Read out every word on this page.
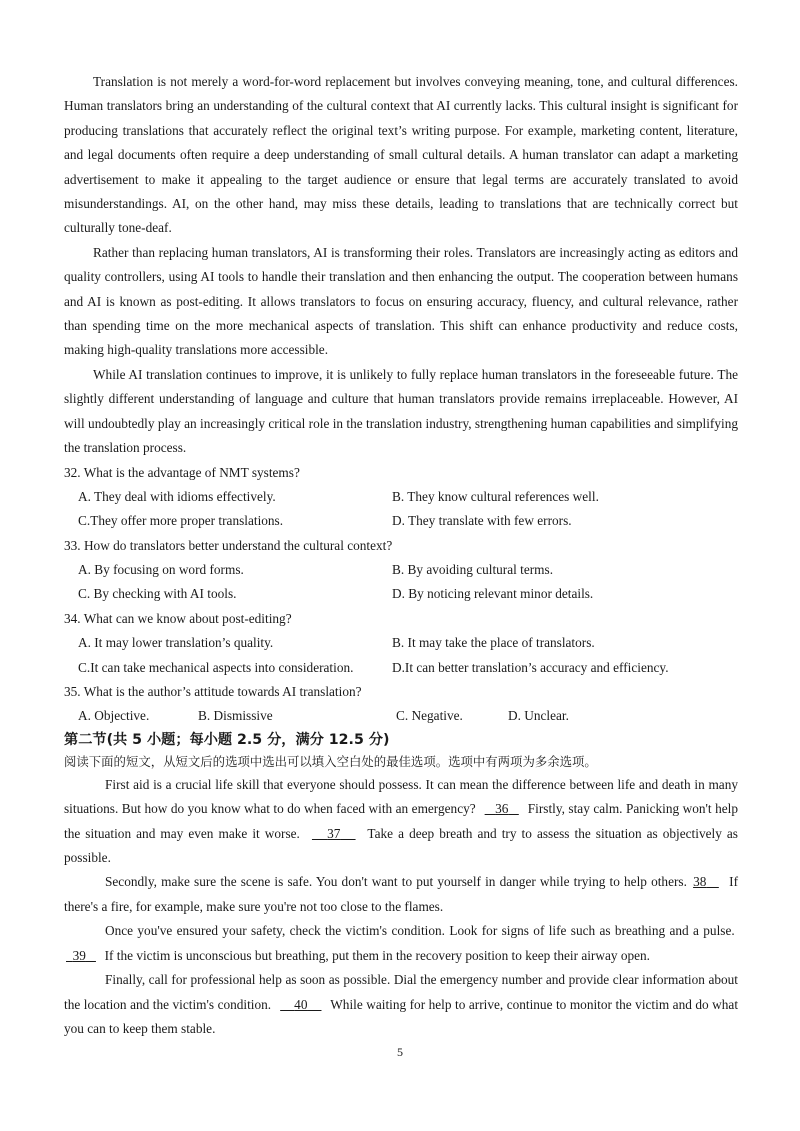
Translation is not merely a word-for-word replacement but involves conveying meaning, tone, and cultural differences. Human translators bring an understanding of the cultural context that AI currently lacks. This cultural insight is significant for producing translations that accurately reflect the original text’s writing purpose. For example, marketing content, literature, and legal documents often require a deep understanding of small cultural details. A human translator can adapt a marketing advertisement to make it appealing to the target audience or ensure that legal terms are accurately translated to avoid misunderstandings. AI, on the other hand, may miss these details, leading to translations that are technically correct but culturally tone-deaf.

Rather than replacing human translators, AI is transforming their roles. Translators are increasingly acting as editors and quality controllers, using AI tools to handle their translation and then enhancing the output. The cooperation between humans and AI is known as post-editing. It allows translators to focus on ensuring accuracy, fluency, and cultural relevance, rather than spending time on the more mechanical aspects of translation. This shift can enhance productivity and reduce costs, making high-quality translations more accessible.

While AI translation continues to improve, it is unlikely to fully replace human translators in the foreseeable future. The slightly different understanding of language and culture that human translators provide remains irreplaceable. However, AI will undoubtedly play an increasingly critical role in the translation industry, strengthening human capabilities and simplifying the translation process.

32. What is the advantage of NMT systems?

A. They deal with idioms effectively.	B. They know cultural references well.
C.They offer more proper translations.	D. They translate with few errors.

33. How do translators better understand the cultural context?

A. By focusing on word forms.	B. By avoiding cultural terms.
C. By checking with AI tools.	D. By noticing relevant minor details.

34. What can we know about post-editing?

A. It may lower translation’s quality.	B. It may take the place of translators.
C.It can take mechanical aspects into consideration.	D.It can better translation’s accuracy and efficiency.

35. What is the author’s attitude towards AI translation?

A. Objective.	B. Dismissive	C. Negative.	D. Unclear.

第二节(共 5 小题；每小题 2.5 分，满分 12.5 分)

阅读下面的短文，从短文后的选项中选出可以填入空白处的最佳选项。选项中有两项为多余选项。

First aid is a crucial life skill that everyone should possess. It can mean the difference between life and death in many situations. But how do you know what to do when faced with an emergency? 36 Firstly, stay calm. Panicking won't help the situation and may even make it worse. 37 Take a deep breath and try to assess the situation as objectively as possible.

Secondly, make sure the scene is safe. You don't want to put yourself in danger while trying to help others. 38 If there's a fire, for example, make sure you're not too close to the flames.

Once you've ensured your safety, check the victim's condition. Look for signs of life such as breathing and a pulse.    39 If the victim is unconscious but breathing, put them in the recovery position to keep their airway open.

Finally, call for professional help as soon as possible. Dial the emergency number and provide clear information about the location and the victim's condition. 40 While waiting for help to arrive, continue to monitor the victim and do what you can to keep them stable.

5
